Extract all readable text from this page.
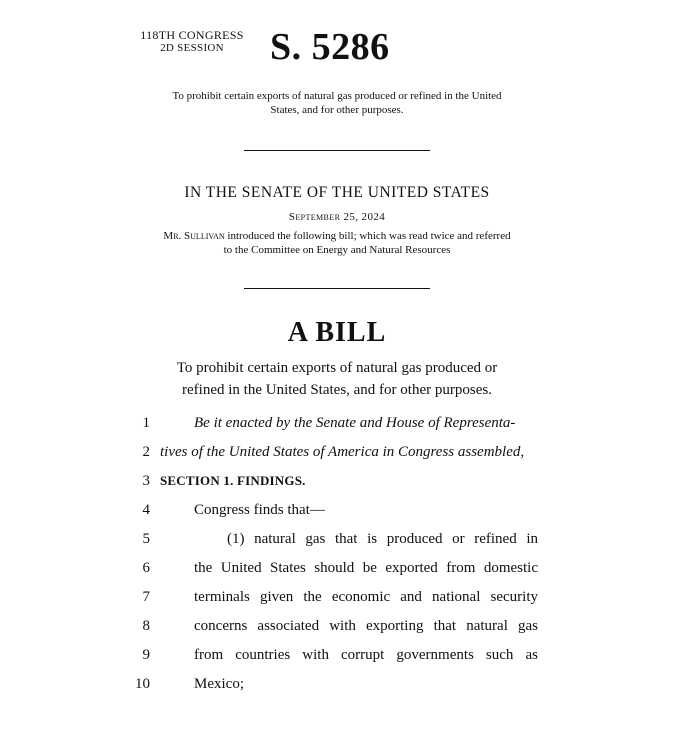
118TH CONGRESS
2D SESSION	S. 5286
To prohibit certain exports of natural gas produced or refined in the United
States, and for other purposes.
IN THE SENATE OF THE UNITED STATES
September 25, 2024
Mr. Sullivan introduced the following bill; which was read twice and referred
to the Committee on Energy and Natural Resources
A BILL
To prohibit certain exports of natural gas produced or
refined in the United States, and for other purposes.
1	Be it enacted by the Senate and House of Representa-
2 tives of the United States of America in Congress assembled,
3 SECTION 1. FINDINGS.
4	Congress finds that—
5	(1) natural gas that is produced or refined in
6	the United States should be exported from domestic
7	terminals given the economic and national security
8	concerns associated with exporting that natural gas
9	from countries with corrupt governments such as
10	Mexico;
